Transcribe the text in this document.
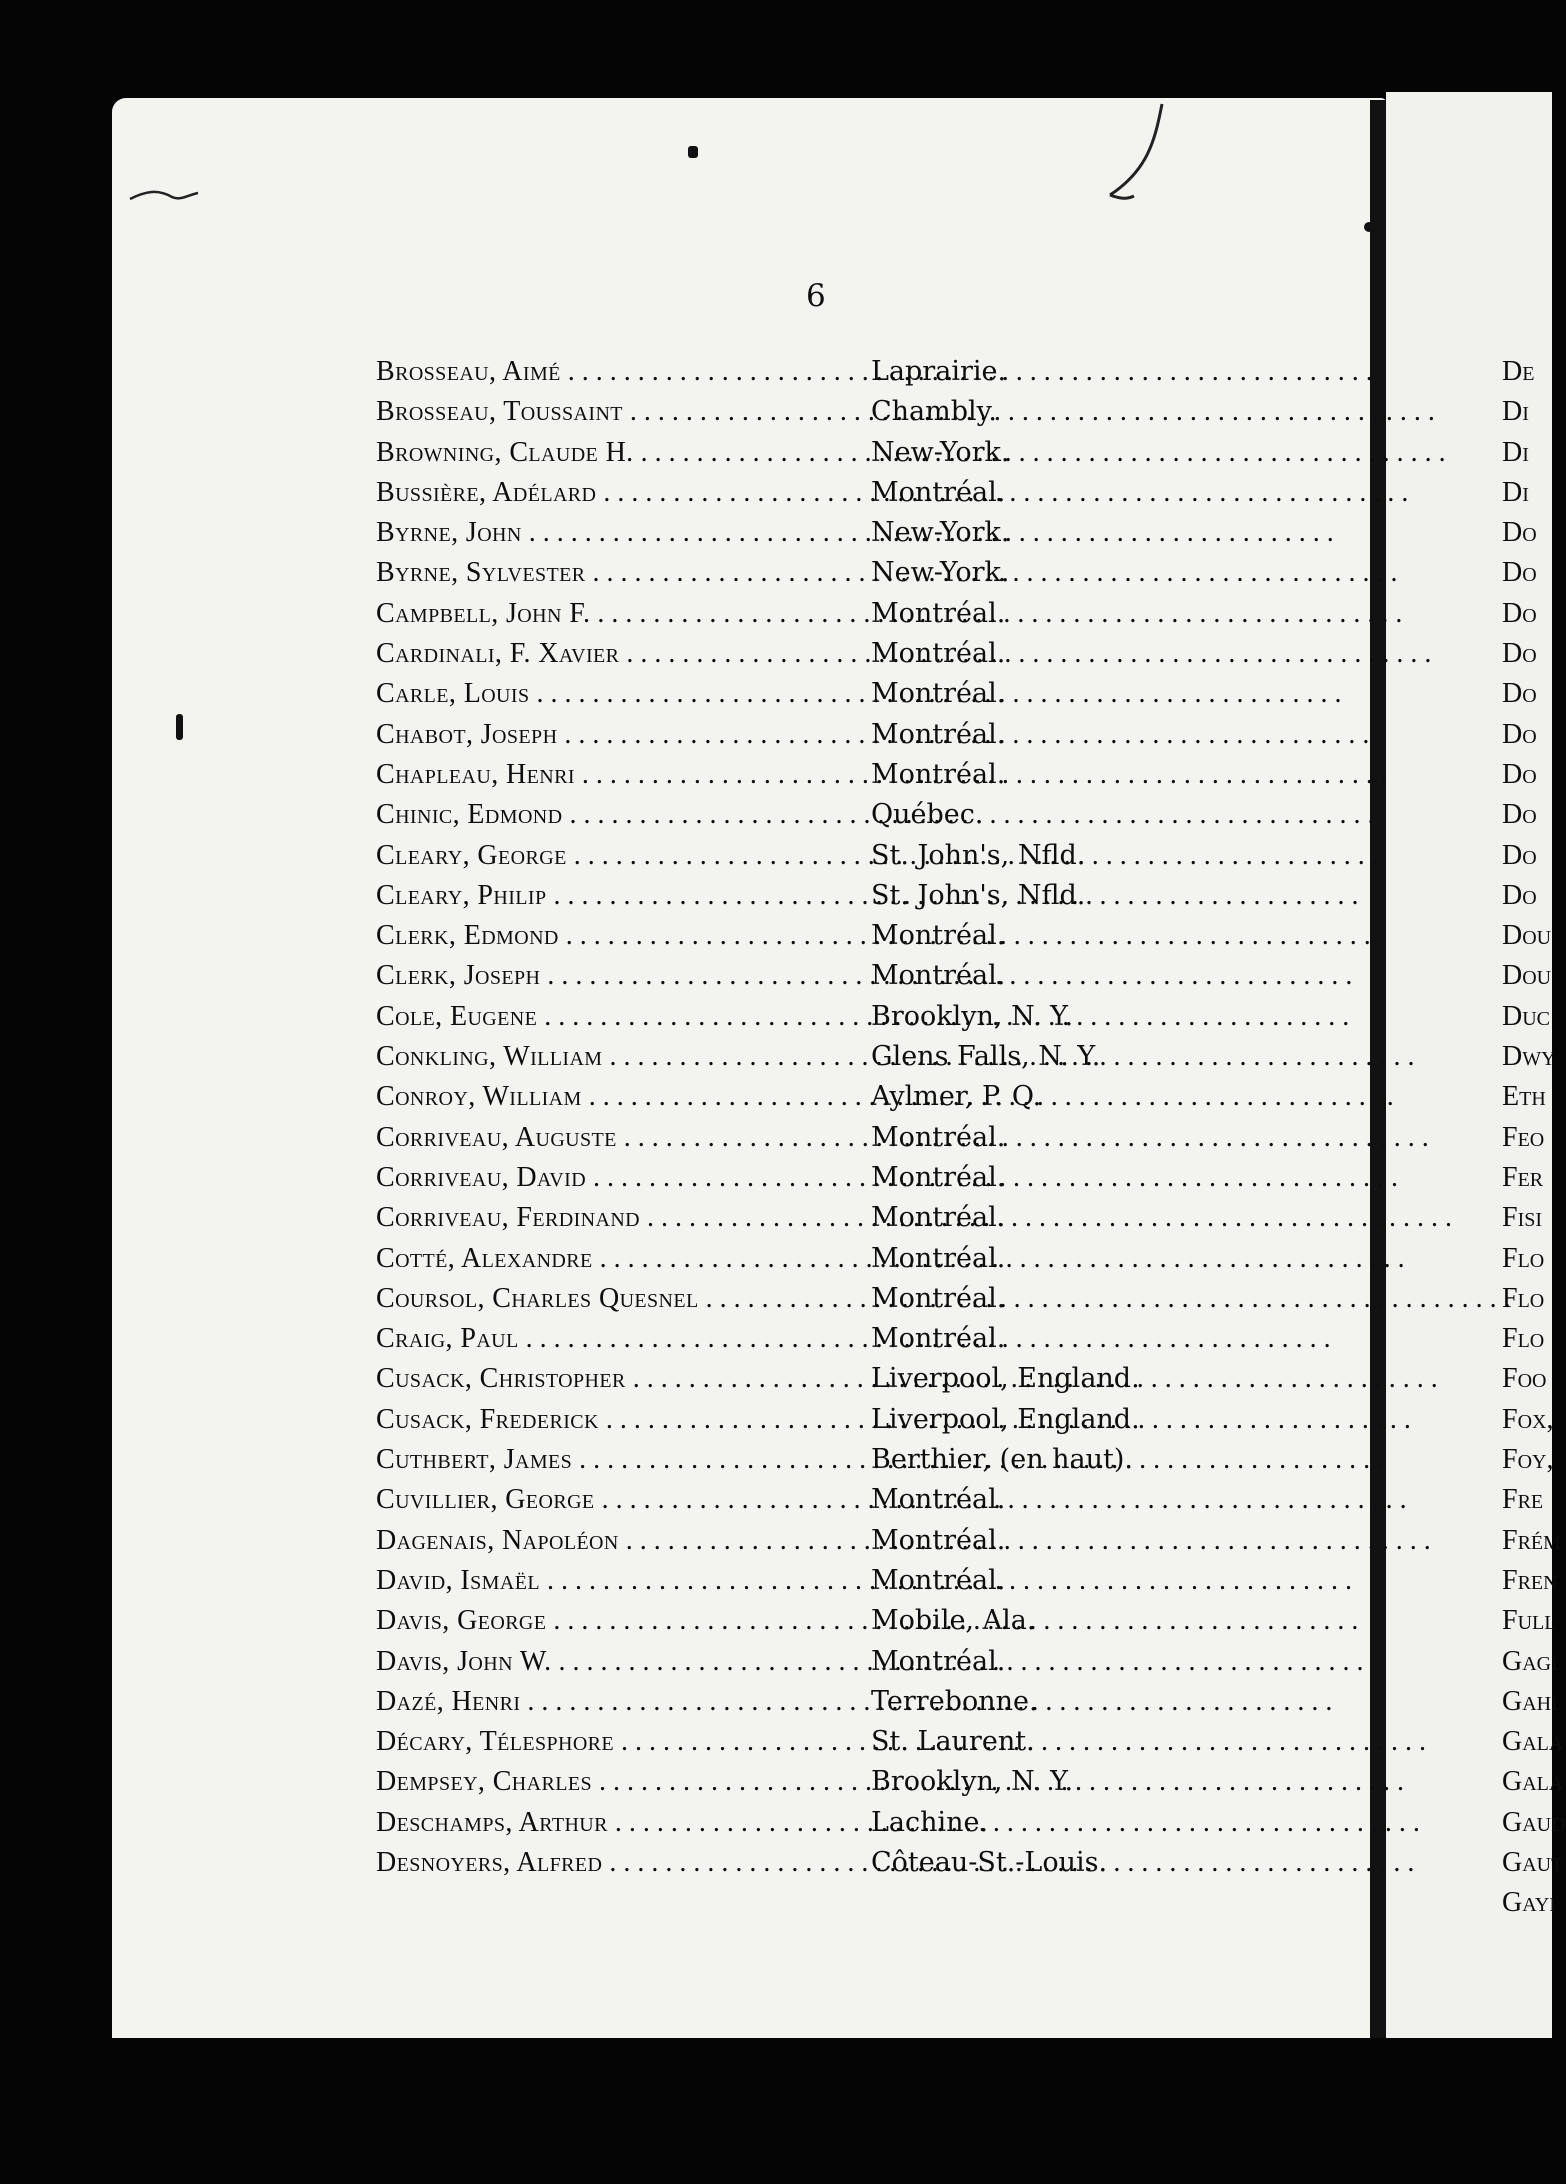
6
Brosseau, Aimé . . .	Laprairie.
Brosseau, Toussaint . . .	Chambly.
Browning, Claude H. . . .	New-York.
Bussière, Adélard . . .	Montréal.
Byrne, John . . .	New-York.
Byrne, Sylvester . . .	New-York.
Campbell, John F. . . .	Montréal.
Cardinali, F. Xavier . . .	Montréal.
Carle, Louis . . .	Montréal.
Chabot, Joseph . . .	Montréal.
Chapleau, Henri . . .	Montréal.
Chinic, Edmond . . .	Québec.
Cleary, George . . .	St. John's, Nfld.
Cleary, Philip . . .	St. John's, Nfld.
Clerk, Edmond . . .	Montréal.
Clerk, Joseph . . .	Montréal.
Cole, Eugene . . .	Brooklyn, N. Y.
Conkling, William . . .	Glens Falls, N. Y.
Conroy, William . . .	Aylmer, P. Q.
Corriveau, Auguste . . .	Montréal.
Corriveau, David . . .	Montréal.
Corriveau, Ferdinand . . .	Montréal.
Cotté, Alexandre . . .	Montréal.
Coursol, Charles Quesnel . . .	Montréal.
Craig, Paul . . .	Montréal.
Cusack, Christopher . . .	Liverpool, England.
Cusack, Frederick . . .	Liverpool, England.
Cuthbert, James . . .	Berthier, (en haut).
Cuvillier, George . . .	Montréal.
Dagenais, Napoléon . . .	Montréal.
David, Ismaël . . .	Montréal.
Davis, George . . .	Mobile, Ala.
Davis, John W. . . .	Montréal.
Dazé, Henri . . .	Terrebonne.
Décary, Télesphore . . .	St. Laurent.
Dempsey, Charles . . .	Brooklyn, N. Y.
Deschamps, Arthur . . .	Lachine.
Desnoyers, Alfred . . .	Côteau-St.-Louis.
De
Di
Di
Di
Do
Do
Do
Do
Do
Do
Do
Do
Do
Do
Dou
Dou
Duc
Dwy
Eth
Feo
Fer
Fisi
Flo
Flo
Flo
Foo
Fox,
Foy,
Fre
Frém
Fren
Full
Gagi
Gahi
Gala
Gala
Gaud
Gaut
Gayi
